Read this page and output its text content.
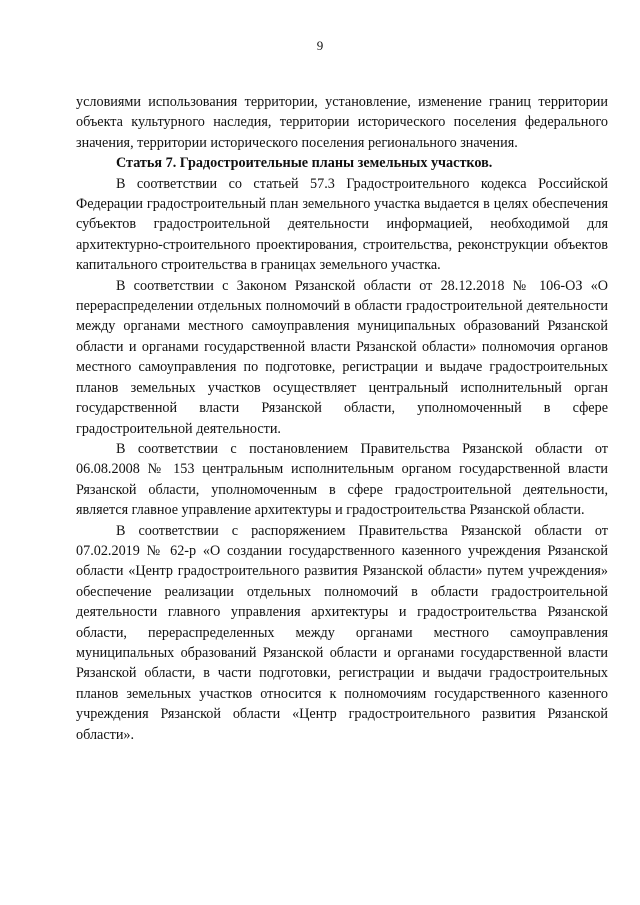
9

условиями использования территории, установление, изменение границ территории объекта культурного наследия, территории исторического поселения федерального значения, территории исторического поселения регионального значения.

Статья 7. Градостроительные планы земельных участков.

В соответствии со статьей 57.3 Градостроительного кодекса Российской Федерации градостроительный план земельного участка выдается в целях обеспечения субъектов градостроительной деятельности информацией, необходимой для архитектурно-строительного проектирования, строительства, реконструкции объектов капитального строительства в границах земельного участка.

В соответствии с Законом Рязанской области от 28.12.2018 № 106-ОЗ «О перераспределении отдельных полномочий в области градостроительной деятельности между органами местного самоуправления муниципальных образований Рязанской области и органами государственной власти Рязанской области» полномочия органов местного самоуправления по подготовке, регистрации и выдаче градостроительных планов земельных участков осуществляет центральный исполнительный орган государственной власти Рязанской области, уполномоченный в сфере градостроительной деятельности.

В соответствии с постановлением Правительства Рязанской области от 06.08.2008 № 153 центральным исполнительным органом государственной власти Рязанской области, уполномоченным в сфере градостроительной деятельности, является главное управление архитектуры и градостроительства Рязанской области.

В соответствии с распоряжением Правительства Рязанской области от 07.02.2019 № 62-р «О создании государственного казенного учреждения Рязанской области «Центр градостроительного развития Рязанской области» путем учреждения» обеспечение реализации отдельных полномочий в области градостроительной деятельности главного управления архитектуры и градостроительства Рязанской области, перераспределенных между органами местного самоуправления муниципальных образований Рязанской области и органами государственной власти Рязанской области, в части подготовки, регистрации и выдачи градостроительных планов земельных участков относится к полномочиям государственного казенного учреждения Рязанской области «Центр градостроительного развития Рязанской области».
